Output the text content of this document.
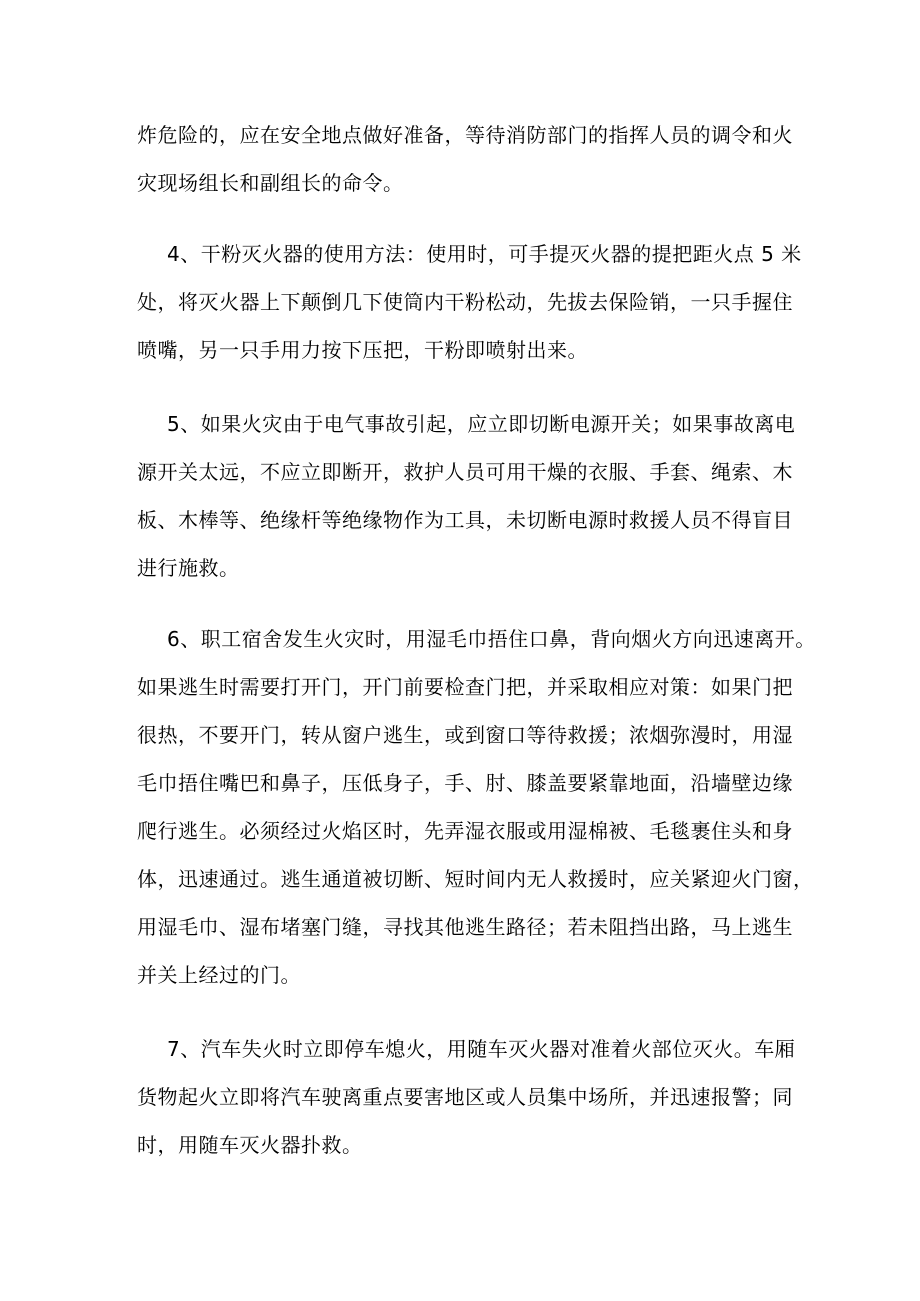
炸危险的，应在安全地点做好准备，等待消防部门的指挥人员的调令和火
灾现场组长和副组长的命令。
4、干粉灭火器的使用方法：使用时，可手提灭火器的提把距火点 5 米
处，将灭火器上下颠倒几下使筒内干粉松动，先拔去保险销，一只手握住
喷嘴，另一只手用力按下压把，干粉即喷射出来。
5、如果火灾由于电气事故引起，应立即切断电源开关；如果事故离电
源开关太远，不应立即断开，救护人员可用干燥的衣服、手套、绳索、木
板、木棒等、绝缘杆等绝缘物作为工具，未切断电源时救援人员不得盲目
进行施救。
6、职工宿舍发生火灾时，用湿毛巾捂住口鼻，背向烟火方向迅速离开。
如果逃生时需要打开门，开门前要检查门把，并采取相应对策：如果门把
很热，不要开门，转从窗户逃生，或到窗口等待救援；浓烟弥漫时，用湿
毛巾捂住嘴巴和鼻子，压低身子，手、肘、膝盖要紧靠地面，沿墙壁边缘
爬行逃生。必须经过火焰区时，先弄湿衣服或用湿棉被、毛毯裹住头和身
体，迅速通过。逃生通道被切断、短时间内无人救援时，应关紧迎火门窗，
用湿毛巾、湿布堵塞门缝，寻找其他逃生路径；若未阻挡出路，马上逃生
并关上经过的门。
7、汽车失火时立即停车熄火，用随车灭火器对准着火部位灭火。车厢
货物起火立即将汽车驶离重点要害地区或人员集中场所，并迅速报警；同
时，用随车灭火器扑救。
